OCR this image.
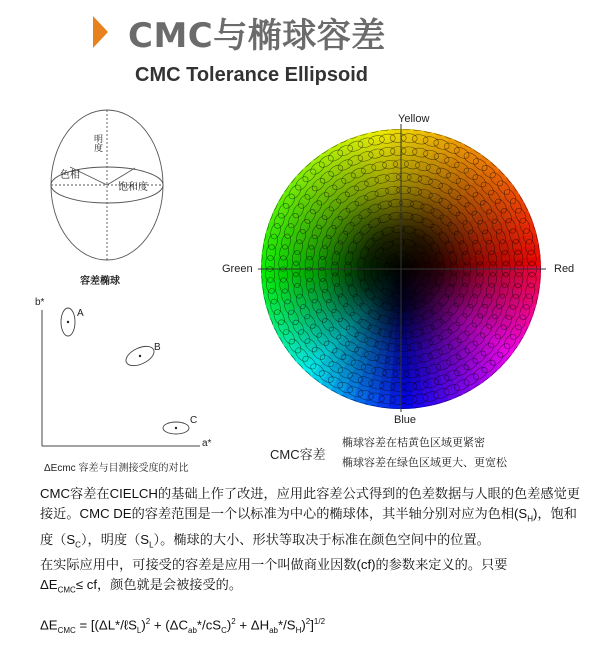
CMC与椭球容差
CMC Tolerance Ellipsoid
明度
色相
饱和度
容差椭球
b*
a*
A
B
C
ΔEcmc 容差与目测接受度的对比
Yellow
Blue
Green	Red
CMC容差
椭球容差在桔黄色区域更紧密
椭球容差在绿色区域更大、更宽松

CMC容差在CIELCH的基础上作了改进，应用此容差公式得到的色差数据与人眼的色差感觉更接近。CMC DE的容差范围是一个以标准为中心的椭球体，其半轴分别对应为色相$(S_H)$，饱和度$(S_C)$，明度$(S_L)$。椭球的大小、形状等取决于标准在颜色空间中的位置。

在实际应用中，可接受的容差是应用一个叫做商业因数(cf)的参数来定义的。只要

$\Delta E_{CMC}\le$ cf，颜色就是会被接受的。

$\Delta E_{CMC}$ = [(ΔL*/ℓS$_L$)$^2$ + $(\Delta C_{ab}*/cS_C)^2 + \Delta H_{ab}*/S_H)^2]^{1/2}$
